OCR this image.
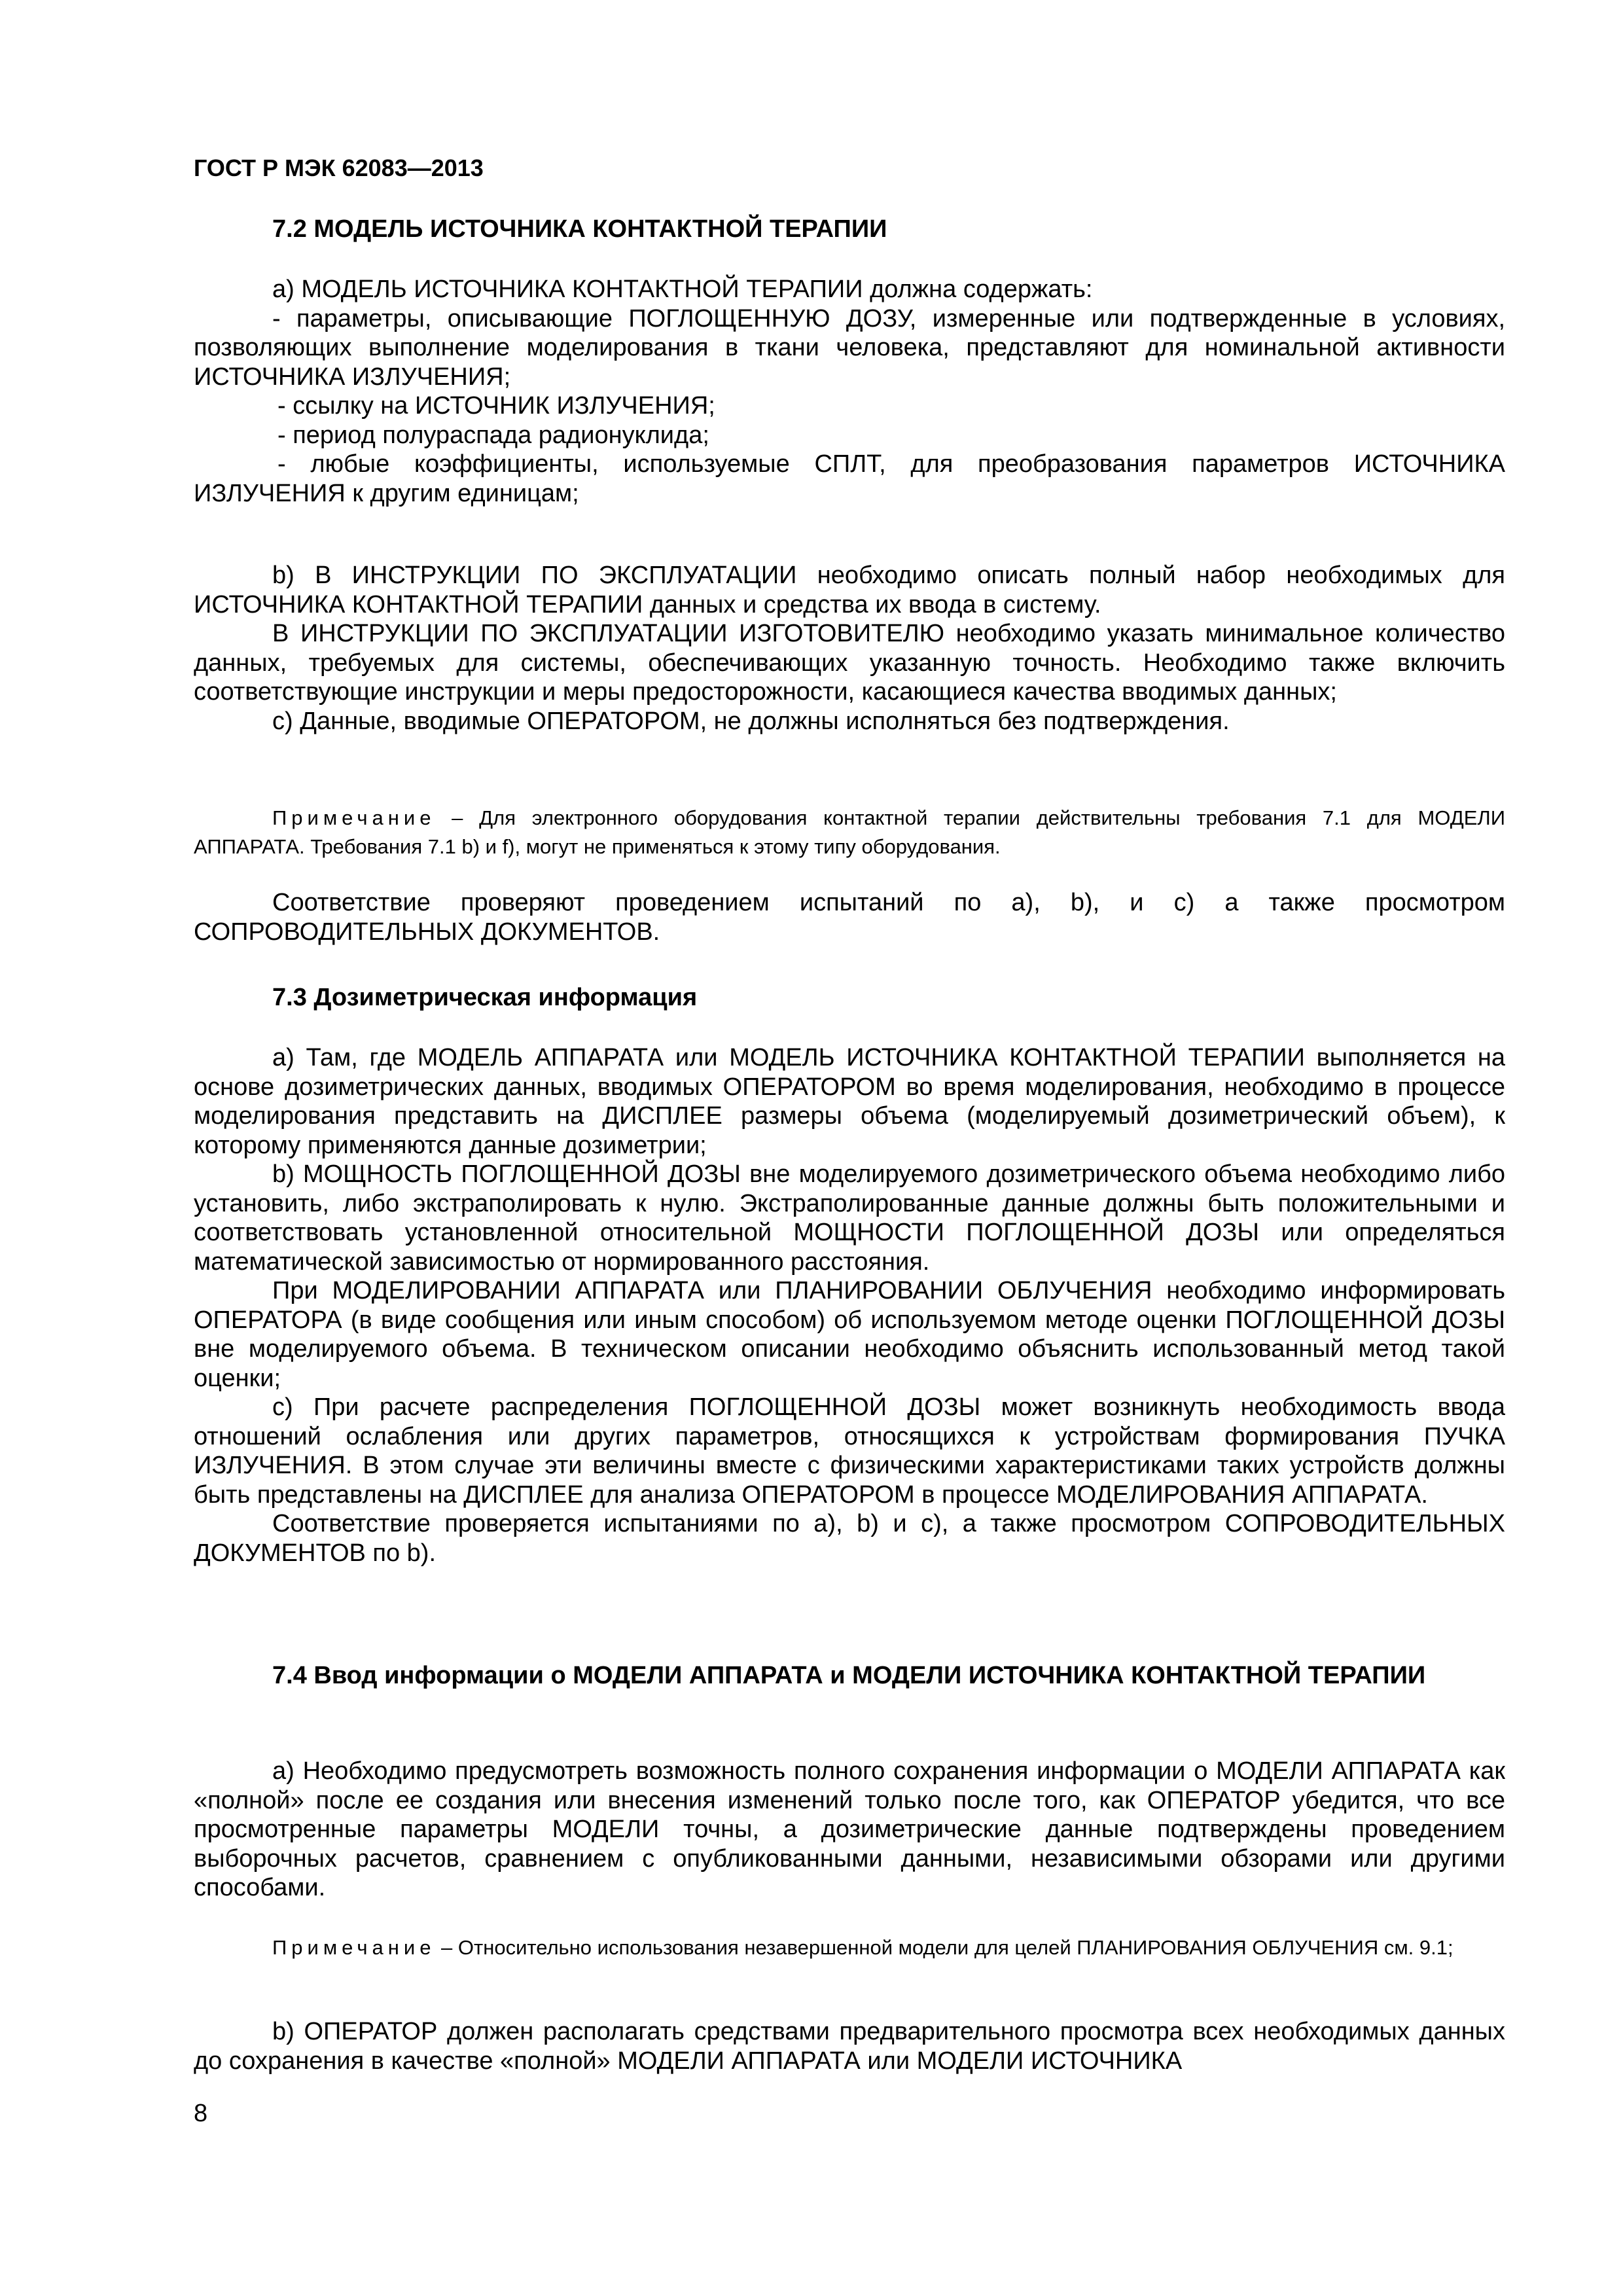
ГОСТ Р МЭК 62083—2013

7.2 МОДЕЛЬ ИСТОЧНИКА КОНТАКТНОЙ ТЕРАПИИ

а) МОДЕЛЬ ИСТОЧНИКА КОНТАКТНОЙ ТЕРАПИИ должна содержать:

- параметры, описывающие ПОГЛОЩЕННУЮ ДОЗУ, измеренные или подтвержденные в условиях, позволяющих выполнение моделирования в ткани человека, представляют для номинальной активности ИСТОЧНИКА ИЗЛУЧЕНИЯ;

- ссылку на ИСТОЧНИК ИЗЛУЧЕНИЯ;

- период полураспада радионуклида;

- любые коэффициенты, используемые СПЛТ, для преобразования параметров ИСТОЧНИКА ИЗЛУЧЕНИЯ к другим единицам;

b) В ИНСТРУКЦИИ ПО ЭКСПЛУАТАЦИИ необходимо описать полный набор необходимых для ИСТОЧНИКА КОНТАКТНОЙ ТЕРАПИИ данных и средства их ввода в систему.

В ИНСТРУКЦИИ ПО ЭКСПЛУАТАЦИИ ИЗГОТОВИТЕЛЮ необходимо указать минимальное количество данных, требуемых для системы, обеспечивающих указанную точность. Необходимо также включить соответствующие инструкции и меры предосторожности, касающиеся качества вводимых данных;

с) Данные, вводимые ОПЕРАТОРОМ, не должны исполняться без подтверждения.

Примечание – Для электронного оборудования контактной терапии действительны требования 7.1 для МОДЕЛИ АППАРАТА. Требования 7.1 b) и f), могут не применяться к этому типу оборудования.

Соответствие проверяют проведением испытаний по а), b), и с) а также просмотром СОПРОВОДИТЕЛЬНЫХ ДОКУМЕНТОВ.

7.3 Дозиметрическая информация

а) Там, где МОДЕЛЬ АППАРАТА или МОДЕЛЬ ИСТОЧНИКА КОНТАКТНОЙ ТЕРАПИИ выполняется на основе дозиметрических данных, вводимых ОПЕРАТОРОМ во время моделирования, необходимо в процессе моделирования представить на ДИСПЛЕЕ размеры объема (моделируемый дозиметрический объем), к которому применяются данные дозиметрии;

b) МОЩНОСТЬ ПОГЛОЩЕННОЙ ДОЗЫ вне моделируемого дозиметрического объема необходимо либо установить, либо экстраполировать к нулю. Экстраполированные данные должны быть положительными и соответствовать установленной относительной МОЩНОСТИ ПОГЛОЩЕННОЙ ДОЗЫ или определяться математической зависимостью от нормированного расстояния.

При МОДЕЛИРОВАНИИ АППАРАТА или ПЛАНИРОВАНИИ ОБЛУЧЕНИЯ необходимо информировать ОПЕРАТОРА (в виде сообщения или иным способом) об используемом методе оценки ПОГЛОЩЕННОЙ ДОЗЫ вне моделируемого объема. В техническом описании необходимо объяснить использованный метод такой оценки;

с) При расчете распределения ПОГЛОЩЕННОЙ ДОЗЫ может возникнуть необходимость ввода отношений ослабления или других параметров, относящихся к устройствам формирования ПУЧКА ИЗЛУЧЕНИЯ. В этом случае эти величины вместе с физическими характеристиками таких устройств должны быть представлены на ДИСПЛЕЕ для анализа ОПЕРАТОРОМ в процессе МОДЕЛИРОВАНИЯ АППАРАТА.

Соответствие проверяется испытаниями по а), b) и с), а также просмотром СОПРОВОДИТЕЛЬНЫХ ДОКУМЕНТОВ по b).

7.4 Ввод информации о МОДЕЛИ АППАРАТА и МОДЕЛИ ИСТОЧНИКА КОНТАКТНОЙ ТЕРАПИИ

а) Необходимо предусмотреть возможность полного сохранения информации о МОДЕЛИ АППАРАТА как «полной» после ее создания или внесения изменений только после того, как ОПЕРАТОР убедится, что все просмотренные параметры МОДЕЛИ точны, а дозиметрические данные подтверждены проведением выборочных расчетов, сравнением с опубликованными данными, независимыми обзорами или другими способами.

Примечание – Относительно использования незавершенной модели для целей ПЛАНИРОВАНИЯ ОБЛУЧЕНИЯ см. 9.1;

b) ОПЕРАТОР должен располагать средствами предварительного просмотра всех необходимых данных до сохранения в качестве «полной» МОДЕЛИ АППАРАТА или МОДЕЛИ ИСТОЧНИКА

8
